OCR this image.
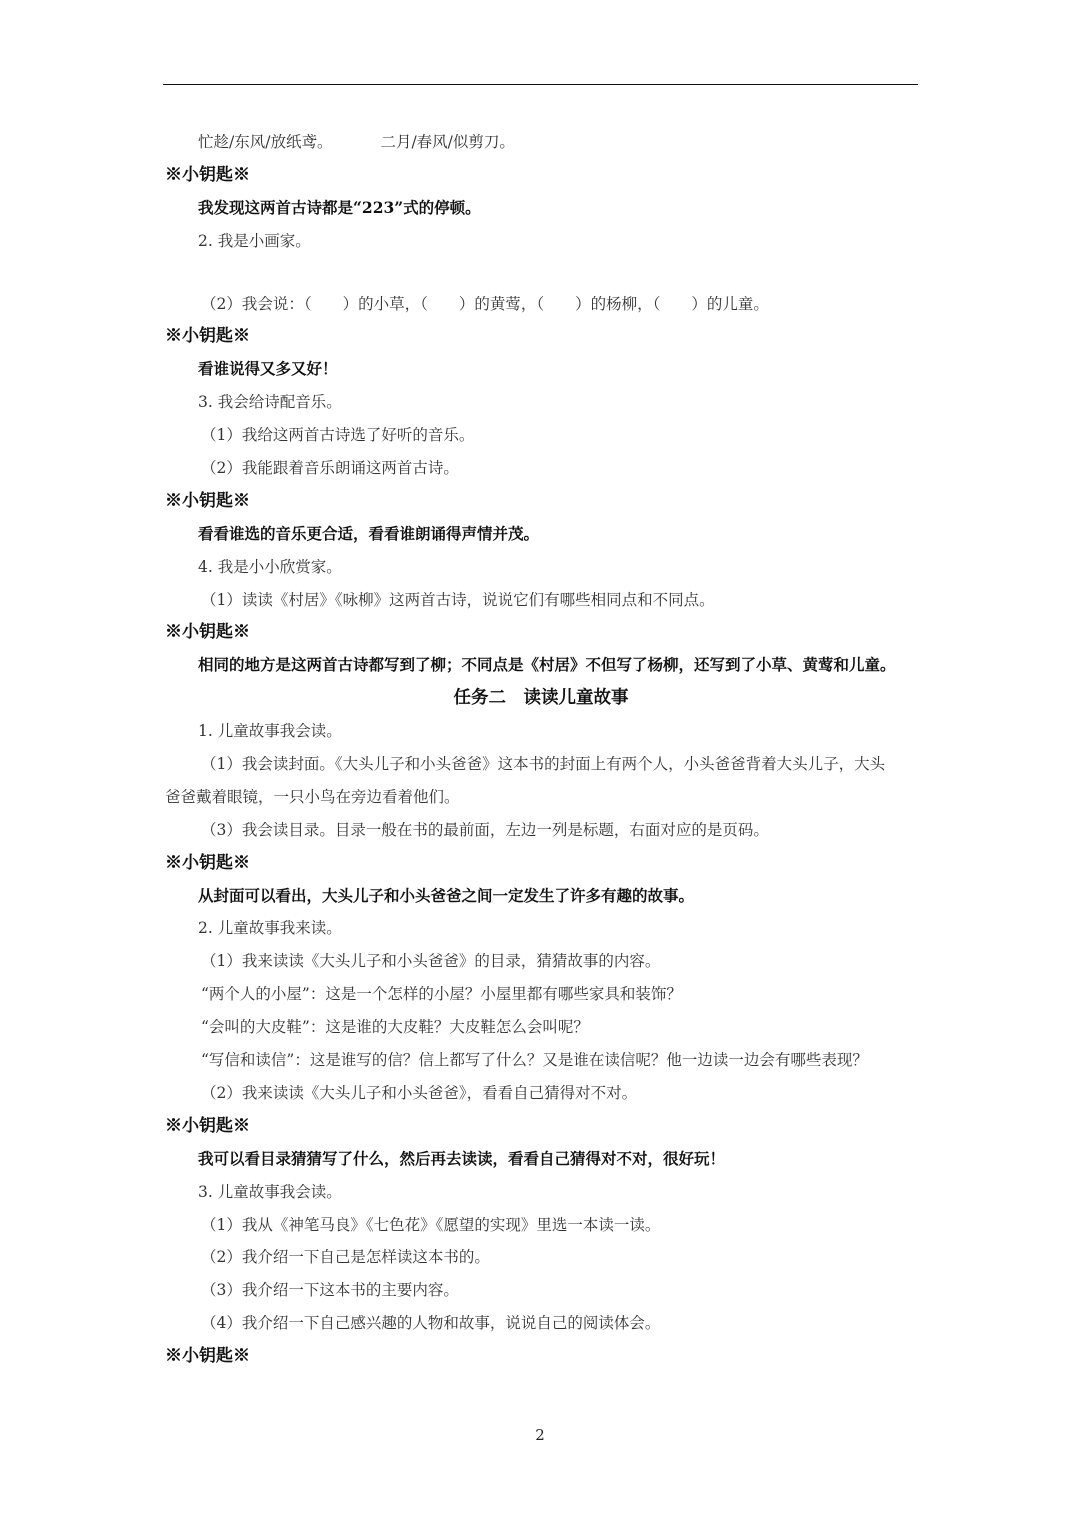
忙趁/东风/放纸鸢。	二月/春风/似剪刀。
※小钥匙※
我发现这两首古诗都是“223”式的停顿。
2. 我是小画家。
（2）我会说：（　　）的小草，（　　）的黄莺，（　　）的杨柳，（　　）的儿童。
※小钥匙※
看谁说得又多又好！
3. 我会给诗配音乐。
（1）我给这两首古诗选了好听的音乐。
（2）我能跟着音乐朗诵这两首古诗。
※小钥匙※
看看谁选的音乐更合适，看看谁朗诵得声情并茂。
4. 我是小小欣赏家。
（1）读读《村居》《咏柳》这两首古诗，说说它们有哪些相同点和不同点。
※小钥匙※
相同的地方是这两首古诗都写到了柳；不同点是《村居》不但写了杨柳，还写到了小草、黄莺和儿童。
任务二　读读儿童故事
1. 儿童故事我会读。
（1）我会读封面。《大头儿子和小头爸爸》这本书的封面上有两个人，小头爸爸背着大头儿子，大头
爸爸戴着眼镜，一只小鸟在旁边看着他们。
（3）我会读目录。目录一般在书的最前面，左边一列是标题，右面对应的是页码。
※小钥匙※
从封面可以看出，大头儿子和小头爸爸之间一定发生了许多有趣的故事。
2. 儿童故事我来读。
（1）我来读读《大头儿子和小头爸爸》的目录，猜猜故事的内容。
“两个人的小屋”：这是一个怎样的小屋？小屋里都有哪些家具和装饰？
“会叫的大皮鞋”：这是谁的大皮鞋？大皮鞋怎么会叫呢？
“写信和读信”：这是谁写的信？信上都写了什么？又是谁在读信呢？他一边读一边会有哪些表现？
（2）我来读读《大头儿子和小头爸爸》，看看自己猜得对不对。
※小钥匙※
我可以看目录猜猜写了什么，然后再去读读，看看自己猜得对不对，很好玩！
3. 儿童故事我会读。
（1）我从《神笔马良》《七色花》《愿望的实现》里选一本读一读。
（2）我介绍一下自己是怎样读这本书的。
（3）我介绍一下这本书的主要内容。
（4）我介绍一下自己感兴趣的人物和故事，说说自己的阅读体会。
※小钥匙※
2
